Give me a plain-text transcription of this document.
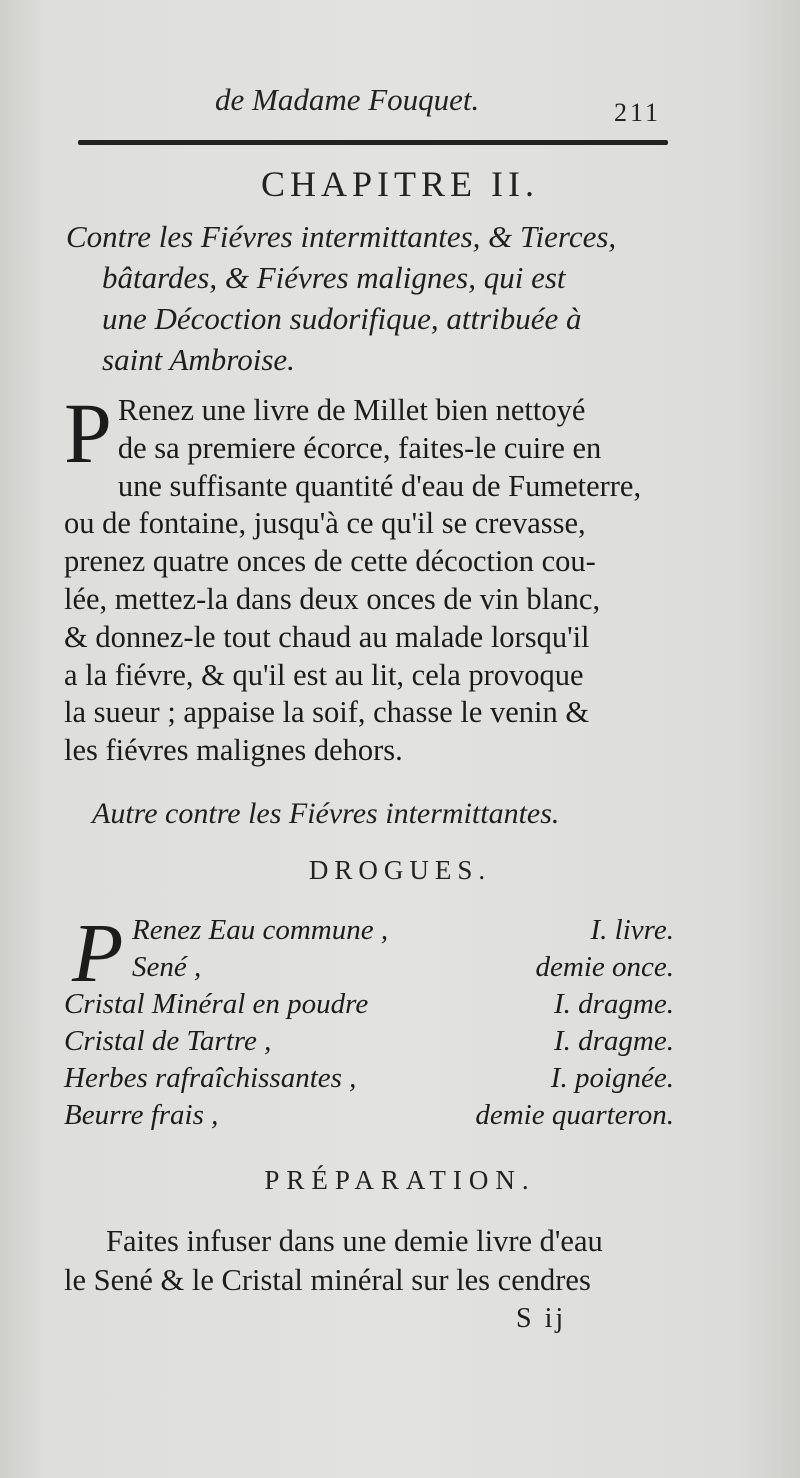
de Madame Fouquet.	211
CHAPITRE II.
Contre les Fiévres intermittantes, & Tierces,
bâtardes, & Fiévres malignes, qui est
une Décoction sudorifique, attribuée à
saint Ambroise.
P Renez une livre de Millet bien nettoyé
de sa premiere écorce, faites-le cuire en
une suffisante quantité d'eau de Fumeterre,
ou de fontaine, jusqu'à ce qu'il se crevasse,
prenez quatre onces de cette décoction cou-
lée, mettez-la dans deux onces de vin blanc,
& donnez-le tout chaud au malade lorsqu'il
a la fiévre, & qu'il est au lit, cela provoque
la sueur ; appaise la soif, chasse le venin &
les fiévres malignes dehors.
Autre contre les Fiévres intermittantes.
DROGUES.
P Renez Eau commune ,	I. livre.
Sené ,	demie once.
Cristal Minéral en poudre	I. dragme.
Cristal de Tartre ,	I. dragme.
Herbes rafraîchissantes ,	I. poignée.
Beurre frais ,	demie quarteron.
PRÉPARATION.
Faites infuser dans une demie livre d'eau
le Sené & le Cristal minéral sur les cendres
S ij
